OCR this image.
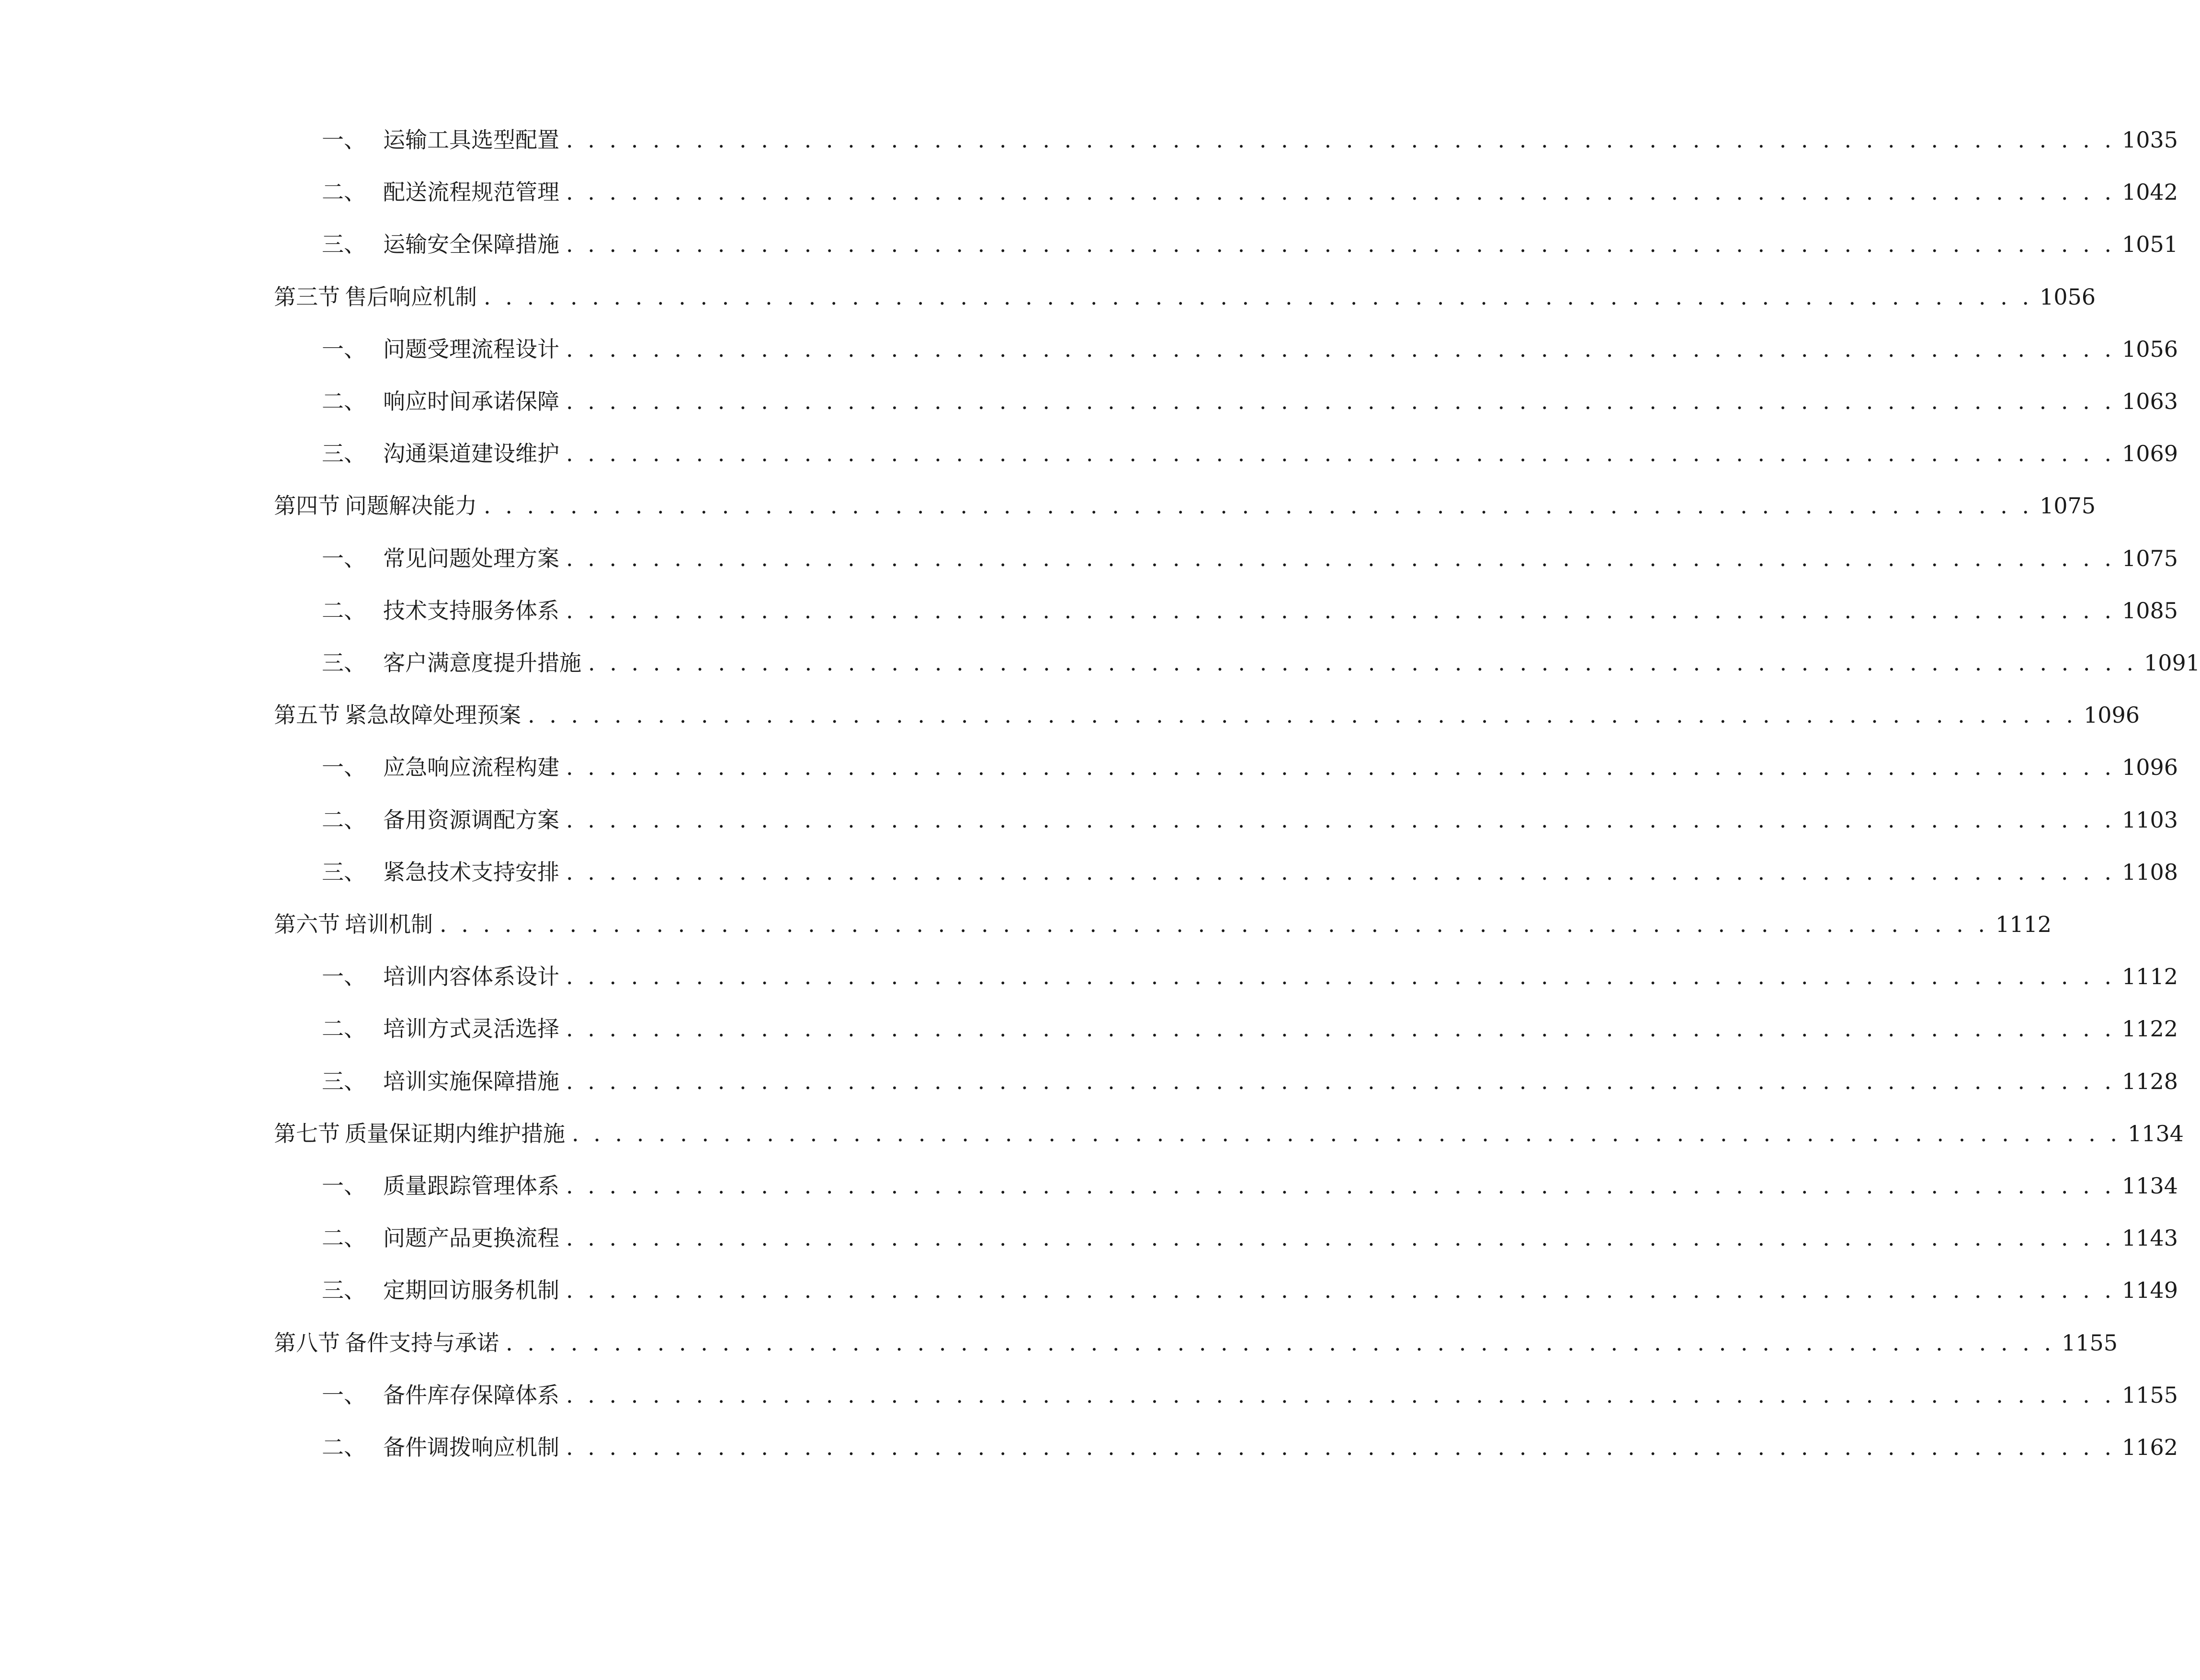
一、 运输工具选型配置 . . . . . . . . . . . . . . . . . . . . . . . . . . . . . . . . . . . . . . . . . . . . . . . . . . . . . . . . . . . . . . . . . . . . . . . . 1035
二、 配送流程规范管理 . . . . . . . . . . . . . . . . . . . . . . . . . . . . . . . . . . . . . . . . . . . . . . . . . . . . . . . . . . . . . . . . . . . . . . . . 1042
三、 运输安全保障措施 . . . . . . . . . . . . . . . . . . . . . . . . . . . . . . . . . . . . . . . . . . . . . . . . . . . . . . . . . . . . . . . . . . . . . . . . 1051
第三节 售后响应机制 . . . . . . . . . . . . . . . . . . . . . . . . . . . . . . . . . . . . . . . . . . . . . . . . . . . . . . . . . . . . . . . . . . . . . . . . 1056
一、 问题受理流程设计 . . . . . . . . . . . . . . . . . . . . . . . . . . . . . . . . . . . . . . . . . . . . . . . . . . . . . . . . . . . . . . . . . . . . . . . . 1056
二、 响应时间承诺保障 . . . . . . . . . . . . . . . . . . . . . . . . . . . . . . . . . . . . . . . . . . . . . . . . . . . . . . . . . . . . . . . . . . . . . . . . 1063
三、 沟通渠道建设维护 . . . . . . . . . . . . . . . . . . . . . . . . . . . . . . . . . . . . . . . . . . . . . . . . . . . . . . . . . . . . . . . . . . . . . . . . 1069
第四节 问题解决能力 . . . . . . . . . . . . . . . . . . . . . . . . . . . . . . . . . . . . . . . . . . . . . . . . . . . . . . . . . . . . . . . . . . . . . . . . 1075
一、 常见问题处理方案 . . . . . . . . . . . . . . . . . . . . . . . . . . . . . . . . . . . . . . . . . . . . . . . . . . . . . . . . . . . . . . . . . . . . . . . . 1075
二、 技术支持服务体系 . . . . . . . . . . . . . . . . . . . . . . . . . . . . . . . . . . . . . . . . . . . . . . . . . . . . . . . . . . . . . . . . . . . . . . . . 1085
三、 客户满意度提升措施 . . . . . . . . . . . . . . . . . . . . . . . . . . . . . . . . . . . . . . . . . . . . . . . . . . . . . . . . . . . . . . . . . . . . . . . . 1091
第五节 紧急故障处理预案 . . . . . . . . . . . . . . . . . . . . . . . . . . . . . . . . . . . . . . . . . . . . . . . . . . . . . . . . . . . . . . . . . . . . . . . . 1096
一、 应急响应流程构建 . . . . . . . . . . . . . . . . . . . . . . . . . . . . . . . . . . . . . . . . . . . . . . . . . . . . . . . . . . . . . . . . . . . . . . . . 1096
二、 备用资源调配方案 . . . . . . . . . . . . . . . . . . . . . . . . . . . . . . . . . . . . . . . . . . . . . . . . . . . . . . . . . . . . . . . . . . . . . . . . 1103
三、 紧急技术支持安排 . . . . . . . . . . . . . . . . . . . . . . . . . . . . . . . . . . . . . . . . . . . . . . . . . . . . . . . . . . . . . . . . . . . . . . . . 1108
第六节 培训机制 . . . . . . . . . . . . . . . . . . . . . . . . . . . . . . . . . . . . . . . . . . . . . . . . . . . . . . . . . . . . . . . . . . . . . . . . 1112
一、 培训内容体系设计 . . . . . . . . . . . . . . . . . . . . . . . . . . . . . . . . . . . . . . . . . . . . . . . . . . . . . . . . . . . . . . . . . . . . . . . . 1112
二、 培训方式灵活选择 . . . . . . . . . . . . . . . . . . . . . . . . . . . . . . . . . . . . . . . . . . . . . . . . . . . . . . . . . . . . . . . . . . . . . . . . 1122
三、 培训实施保障措施 . . . . . . . . . . . . . . . . . . . . . . . . . . . . . . . . . . . . . . . . . . . . . . . . . . . . . . . . . . . . . . . . . . . . . . . . 1128
第七节 质量保证期内维护措施 . . . . . . . . . . . . . . . . . . . . . . . . . . . . . . . . . . . . . . . . . . . . . . . . . . . . . . . . . . . . . . . . . . . . . . . . 1134
一、 质量跟踪管理体系 . . . . . . . . . . . . . . . . . . . . . . . . . . . . . . . . . . . . . . . . . . . . . . . . . . . . . . . . . . . . . . . . . . . . . . . . 1134
二、 问题产品更换流程 . . . . . . . . . . . . . . . . . . . . . . . . . . . . . . . . . . . . . . . . . . . . . . . . . . . . . . . . . . . . . . . . . . . . . . . . 1143
三、 定期回访服务机制 . . . . . . . . . . . . . . . . . . . . . . . . . . . . . . . . . . . . . . . . . . . . . . . . . . . . . . . . . . . . . . . . . . . . . . . . 1149
第八节 备件支持与承诺 . . . . . . . . . . . . . . . . . . . . . . . . . . . . . . . . . . . . . . . . . . . . . . . . . . . . . . . . . . . . . . . . . . . . . . . . 1155
一、 备件库存保障体系 . . . . . . . . . . . . . . . . . . . . . . . . . . . . . . . . . . . . . . . . . . . . . . . . . . . . . . . . . . . . . . . . . . . . . . . . 1155
二、 备件调拨响应机制 . . . . . . . . . . . . . . . . . . . . . . . . . . . . . . . . . . . . . . . . . . . . . . . . . . . . . . . . . . . . . . . . . . . . . . . . 1162
